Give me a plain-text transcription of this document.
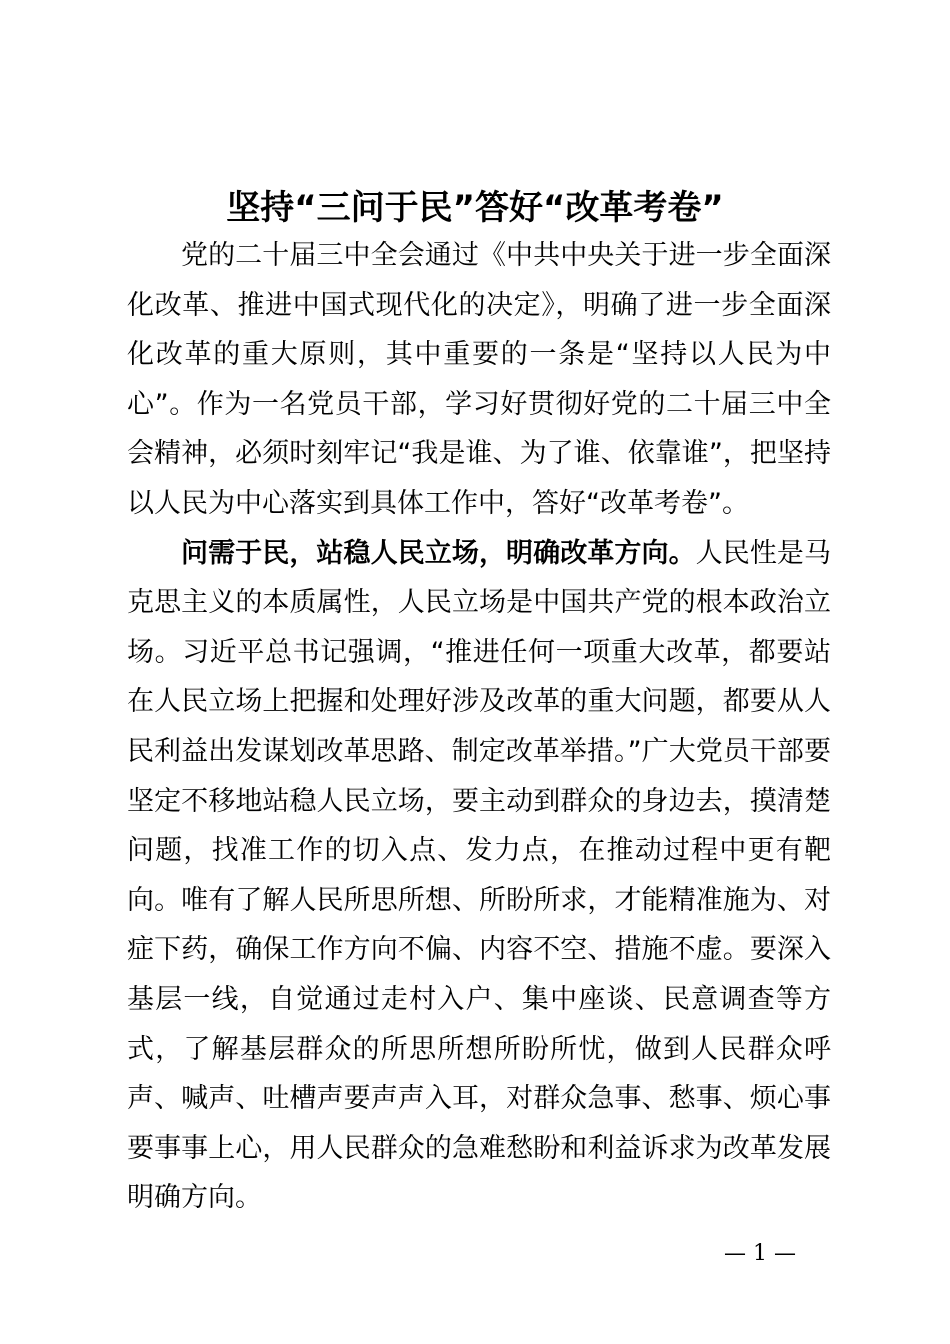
坚持“三问于民”答好“改革考卷”

党的二十届三中全会通过《中共中央关于进一步全面深化改革、推进中国式现代化的决定》，明确了进一步全面深化改革的重大原则，其中重要的一条是“坚持以人民为中心”。作为一名党员干部，学习好贯彻好党的二十届三中全会精神，必须时刻牢记“我是谁、为了谁、依靠谁”，把坚持以人民为中心落实到具体工作中，答好“改革考卷”。

问需于民，站稳人民立场，明确改革方向。人民性是马克思主义的本质属性，人民立场是中国共产党的根本政治立场。习近平总书记强调，“推进任何一项重大改革，都要站在人民立场上把握和处理好涉及改革的重大问题，都要从人民利益出发谋划改革思路、制定改革举措。”广大党员干部要坚定不移地站稳人民立场，要主动到群众的身边去，摸清楚问题，找准工作的切入点、发力点，在推动过程中更有靶向。唯有了解人民所思所想、所盼所求，才能精准施为、对症下药，确保工作方向不偏、内容不空、措施不虚。要深入基层一线，自觉通过走村入户、集中座谈、民意调查等方式，了解基层群众的所思所想所盼所忧，做到人民群众呼声、喊声、吐槽声要声声入耳，对群众急事、愁事、烦心事要事事上心，用人民群众的急难愁盼和利益诉求为改革发展明确方向。

— 1 —
